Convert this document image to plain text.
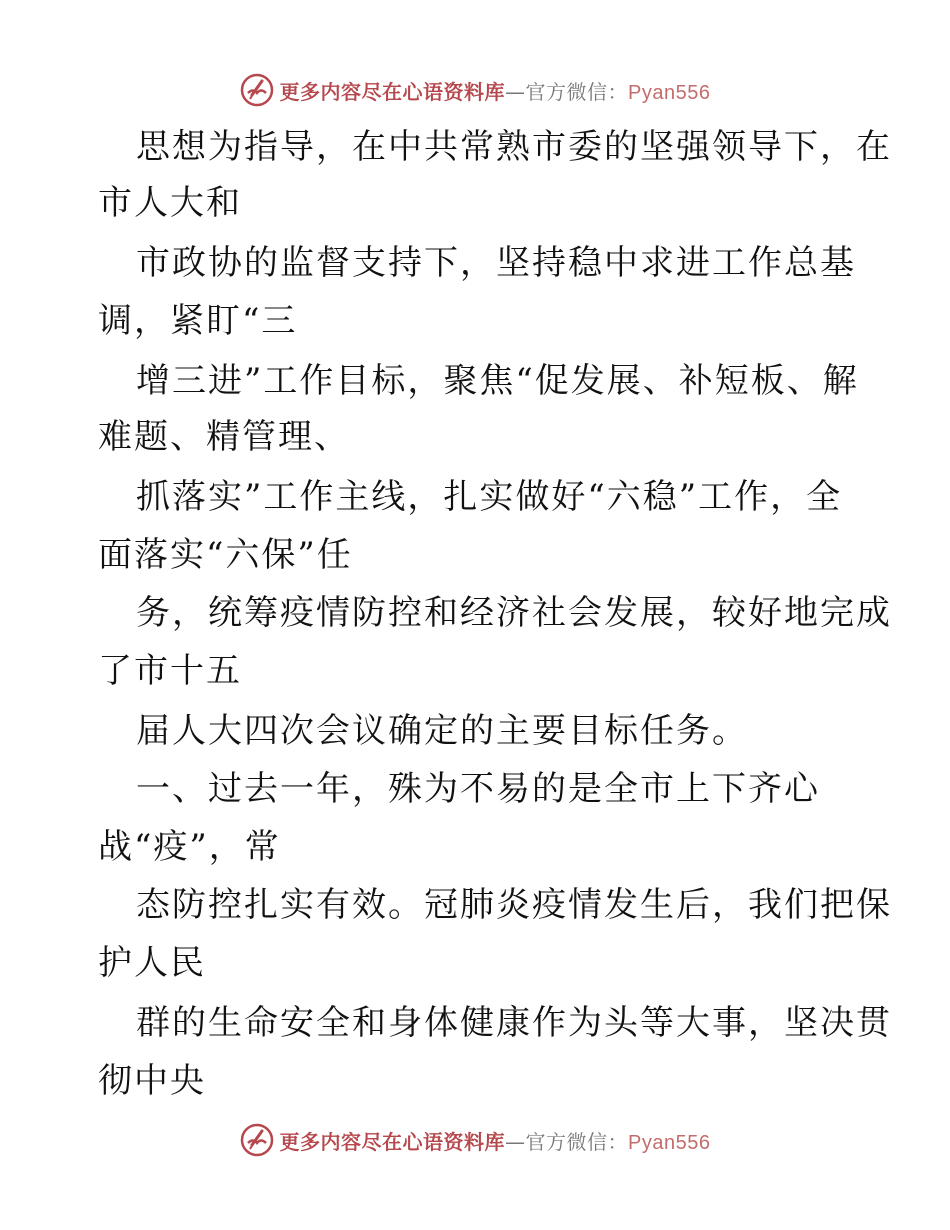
更多内容尽在心语资料库—官方微信：Pyan556
思想为指导，在中共常熟市委的坚强领导下，在
市人大和
市政协的监督支持下，坚持稳中求进工作总基
调，紧盯“三
增三进”工作目标，聚焦“促发展、补短板、解
难题、精管理、
抓落实”工作主线，扎实做好“六稳”工作，全
面落实“六保”任
务，统筹疫情防控和经济社会发展，较好地完成
了市十五
届人大四次会议确定的主要目标任务。
一、过去一年，殊为不易的是全市上下齐心
战“疫”，常
态防控扎实有效。冠肺炎疫情发生后，我们把保
护人民
群的生命安全和身体健康作为头等大事，坚决贯
彻中央
更多内容尽在心语资料库—官方微信：Pyan556
